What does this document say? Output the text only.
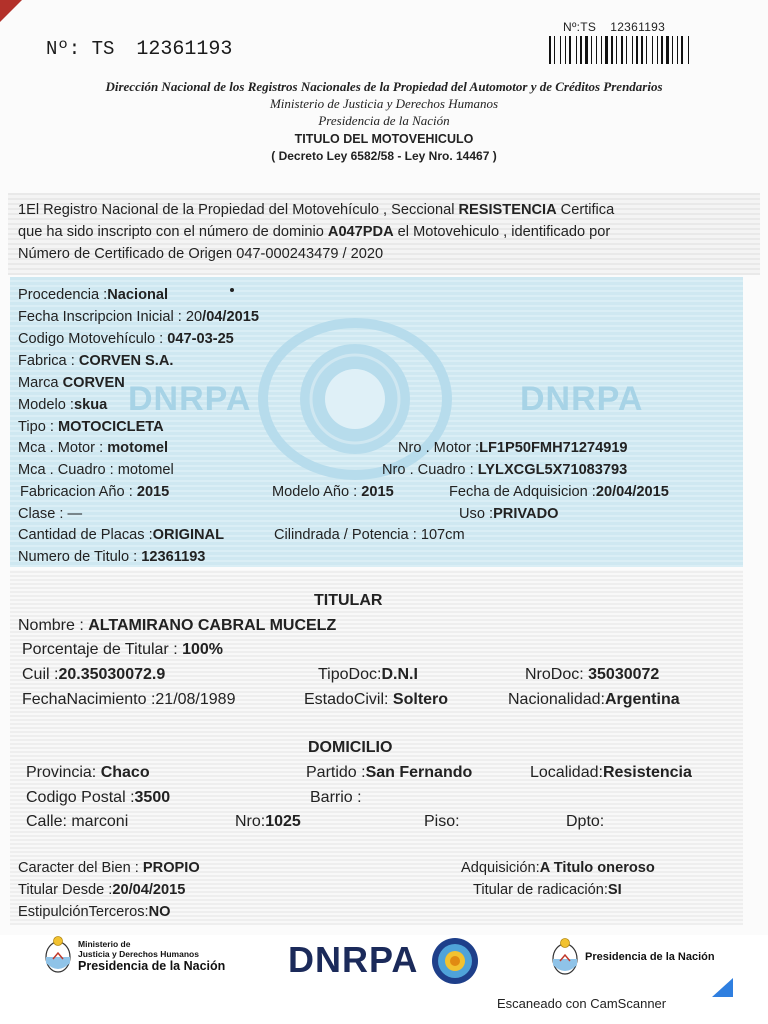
Nº:TS 12361193
Nº: TS 12361193
Dirección Nacional de los Registros Nacionales de la Propiedad del Automotor y de Créditos Prendarios
Ministerio de Justicia y Derechos Humanos
Presidencia de la Nación
TITULO DEL MOTOVEHICULO
( Decreto Ley 6582/58 - Ley Nro. 14467 )
1El Registro Nacional de la Propiedad del Motovehículo , Seccional RESISTENCIA Certifica
que ha sido inscripto con el número de dominio A047PDA el Motovehiculo , identificado por
Número de Certificado de Origen 047-000243479 / 2020
DNRPA	DNRPA
Procedencia :Nacional
Fecha Inscripcion Inicial : 20/04/2015
Codigo Motovehículo : 047-03-25
Fabrica : CORVEN S.A.
Marca CORVEN
Modelo :skua
Tipo : MOTOCICLETA
Mca . Motor : motomel	Nro . Motor :LF1P50FMH71274919
Mca . Cuadro : motomel	Nro . Cuadro : LYLXCGL5X71083793
Fabricacion Año : 2015	Modelo Año : 2015	Fecha de Adquisicion :20/04/2015
Clase : —	Uso :PRIVADO
Cantidad de Placas :ORIGINAL	Cilindrada / Potencia : 107cm
Numero de Titulo : 12361193
TITULAR
Nombre : ALTAMIRANO CABRAL MUCELZ
Porcentaje de Titular : 100%
Cuil :20.35030072.9	TipoDoc:D.N.I	NroDoc: 35030072
FechaNacimiento :21/08/1989	EstadoCivil: Soltero	Nacionalidad:Argentina
DOMICILIO
Provincia: Chaco	Partido :San Fernando	Localidad:Resistencia
Codigo Postal :3500	Barrio :
Calle: marconi	Nro:1025	Piso:	Dpto:
Caracter del Bien : PROPIO	Adquisición:A Titulo oneroso
Titular Desde :20/04/2015	Titular de radicación:SI
EstipulciónTerceros:NO
Ministerio de
Justicia y Derechos Humanos
Presidencia de la Nación DNRPA	Presidencia de la Nación
Escaneado con CamScanner
